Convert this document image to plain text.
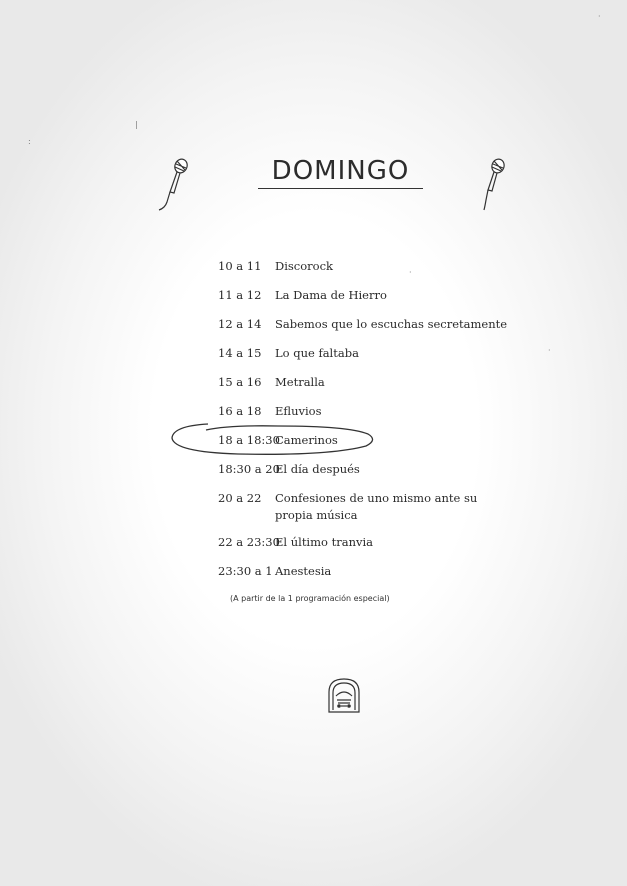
DOMINGO
10 a 11 Discorock
11 a 12 La Dama de Hierro
12 a 14 Sabemos que lo escuchas secretamente
14 a 15 Lo que faltaba
15 a 16 Metralla
16 a 18 Efluvios
18 a 18:30
Camerinos
18:30 a 20
El día después
20 a 22 Confesiones de uno mismo ante su propia música
22 a 23:30
El último tranvia
23:30 a 1 Anestesia
(A partir de la 1 programación especial)
|
:
·
·
·
